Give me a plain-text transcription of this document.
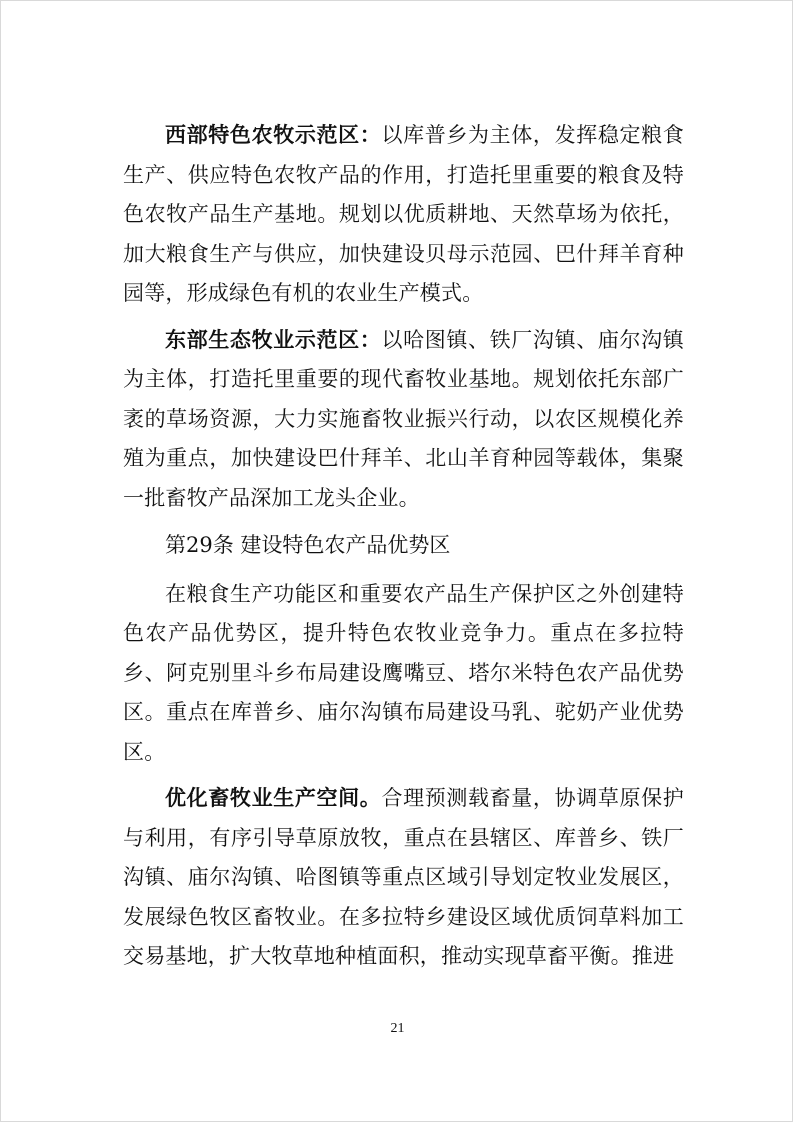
西部特色农牧示范区：以库普乡为主体，发挥稳定粮食生产、供应特色农牧产品的作用，打造托里重要的粮食及特色农牧产品生产基地。规划以优质耕地、天然草场为依托，加大粮食生产与供应，加快建设贝母示范园、巴什拜羊育种园等，形成绿色有机的农业生产模式。

东部生态牧业示范区：以哈图镇、铁厂沟镇、庙尔沟镇为主体，打造托里重要的现代畜牧业基地。规划依托东部广袤的草场资源，大力实施畜牧业振兴行动，以农区规模化养殖为重点，加快建设巴什拜羊、北山羊育种园等载体，集聚一批畜牧产品深加工龙头企业。

第29条 建设特色农产品优势区

在粮食生产功能区和重要农产品生产保护区之外创建特色农产品优势区，提升特色农牧业竞争力。重点在多拉特乡、阿克别里斗乡布局建设鹰嘴豆、塔尔米特色农产品优势区。重点在库普乡、庙尔沟镇布局建设马乳、驼奶产业优势区。

优化畜牧业生产空间。合理预测载畜量，协调草原保护与利用，有序引导草原放牧，重点在县辖区、库普乡、铁厂沟镇、庙尔沟镇、哈图镇等重点区域引导划定牧业发展区，发展绿色牧区畜牧业。在多拉特乡建设区域优质饲草料加工交易基地，扩大牧草地种植面积，推动实现草畜平衡。推进

21
